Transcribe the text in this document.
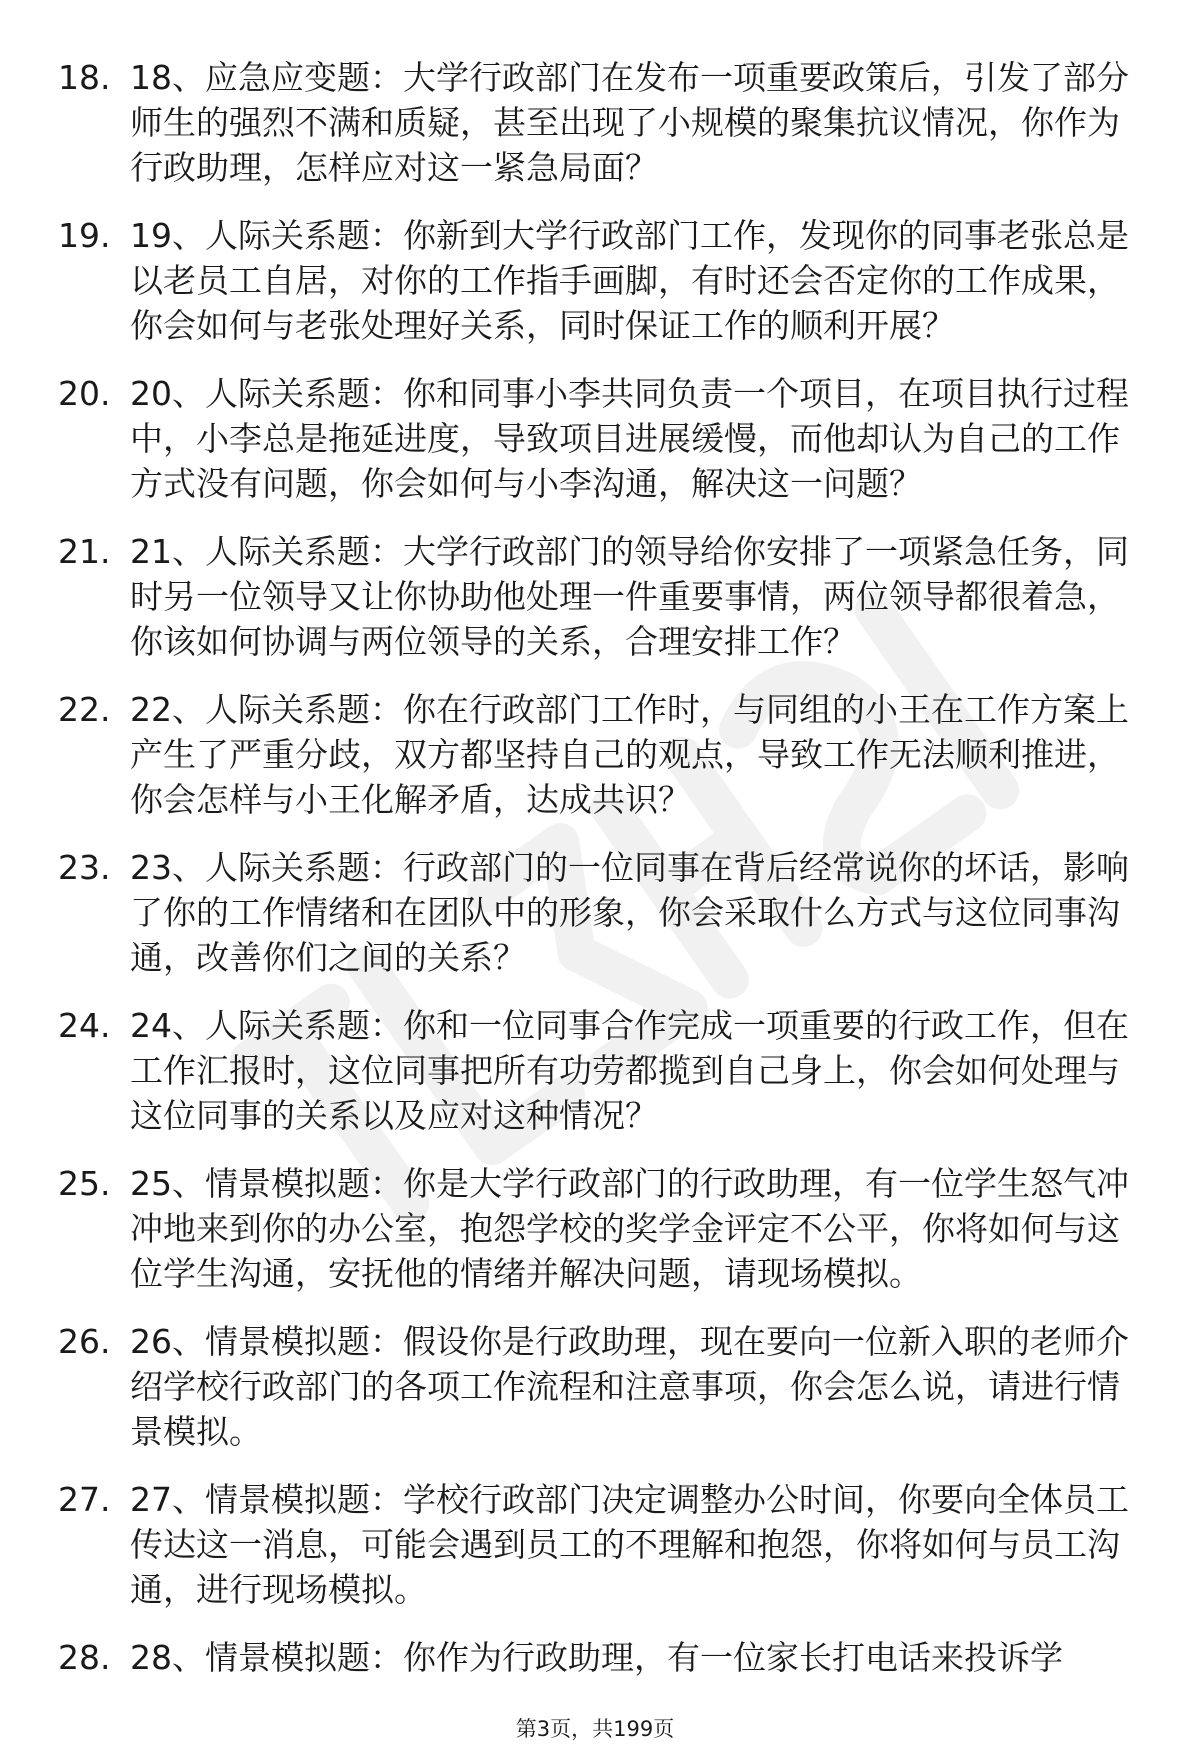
18. 18、应急应变题：大学行政部门在发布一项重要政策后，引发了部分师生的强烈不满和质疑，甚至出现了小规模的聚集抗议情况，你作为行政助理，怎样应对这一紧急局面？
19. 19、人际关系题：你新到大学行政部门工作，发现你的同事老张总是以老员工自居，对你的工作指手画脚，有时还会否定你的工作成果，你会如何与老张处理好关系，同时保证工作的顺利开展？
20. 20、人际关系题：你和同事小李共同负责一个项目，在项目执行过程中，小李总是拖延进度，导致项目进展缓慢，而他却认为自己的工作方式没有问题，你会如何与小李沟通，解决这一问题？
21. 21、人际关系题：大学行政部门的领导给你安排了一项紧急任务，同时另一位领导又让你协助他处理一件重要事情，两位领导都很着急，你该如何协调与两位领导的关系，合理安排工作？
22. 22、人际关系题：你在行政部门工作时，与同组的小王在工作方案上产生了严重分歧，双方都坚持自己的观点，导致工作无法顺利推进，你会怎样与小王化解矛盾，达成共识？
23. 23、人际关系题：行政部门的一位同事在背后经常说你的坏话，影响了你的工作情绪和在团队中的形象，你会采取什么方式与这位同事沟通，改善你们之间的关系？
24. 24、人际关系题：你和一位同事合作完成一项重要的行政工作，但在工作汇报时，这位同事把所有功劳都揽到自己身上，你会如何处理与这位同事的关系以及应对这种情况？
25. 25、情景模拟题：你是大学行政部门的行政助理，有一位学生怒气冲冲地来到你的办公室，抱怨学校的奖学金评定不公平，你将如何与这位学生沟通，安抚他的情绪并解决问题，请现场模拟。
26. 26、情景模拟题：假设你是行政助理，现在要向一位新入职的老师介绍学校行政部门的各项工作流程和注意事项，你会怎么说，请进行情景模拟。
27. 27、情景模拟题：学校行政部门决定调整办公时间，你要向全体员工传达这一消息，可能会遇到员工的不理解和抱怨，你将如何与员工沟通，进行现场模拟。
28. 28、情景模拟题：你作为行政助理，有一位家长打电话来投诉学
第3页，共199页
